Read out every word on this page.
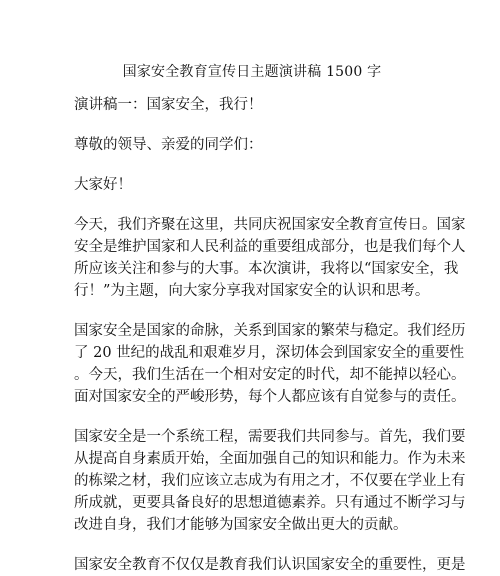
国家安全教育宣传日主题演讲稿 1500 字

演讲稿一：国家安全，我行！

尊敬的领导、亲爱的同学们：

大家好！

今天，我们齐聚在这里，共同庆祝国家安全教育宣传日。国家
安全是维护国家和人民利益的重要组成部分，也是我们每个人
所应该关注和参与的大事。本次演讲，我将以“国家安全，我
行！”为主题，向大家分享我对国家安全的认识和思考。

国家安全是国家的命脉，关系到国家的繁荣与稳定。我们经历
了 20 世纪的战乱和艰难岁月，深切体会到国家安全的重要性
。今天，我们生活在一个相对安定的时代，却不能掉以轻心。
面对国家安全的严峻形势，每个人都应该有自觉参与的责任。

国家安全是一个系统工程，需要我们共同参与。首先，我们要
从提高自身素质开始，全面加强自己的知识和能力。作为未来
的栋梁之材，我们应该立志成为有用之才，不仅要在学业上有
所成就，更要具备良好的思想道德素养。只有通过不断学习与
改进自身，我们才能够为国家安全做出更大的贡献。

国家安全教育不仅仅是教育我们认识国家安全的重要性，更是
